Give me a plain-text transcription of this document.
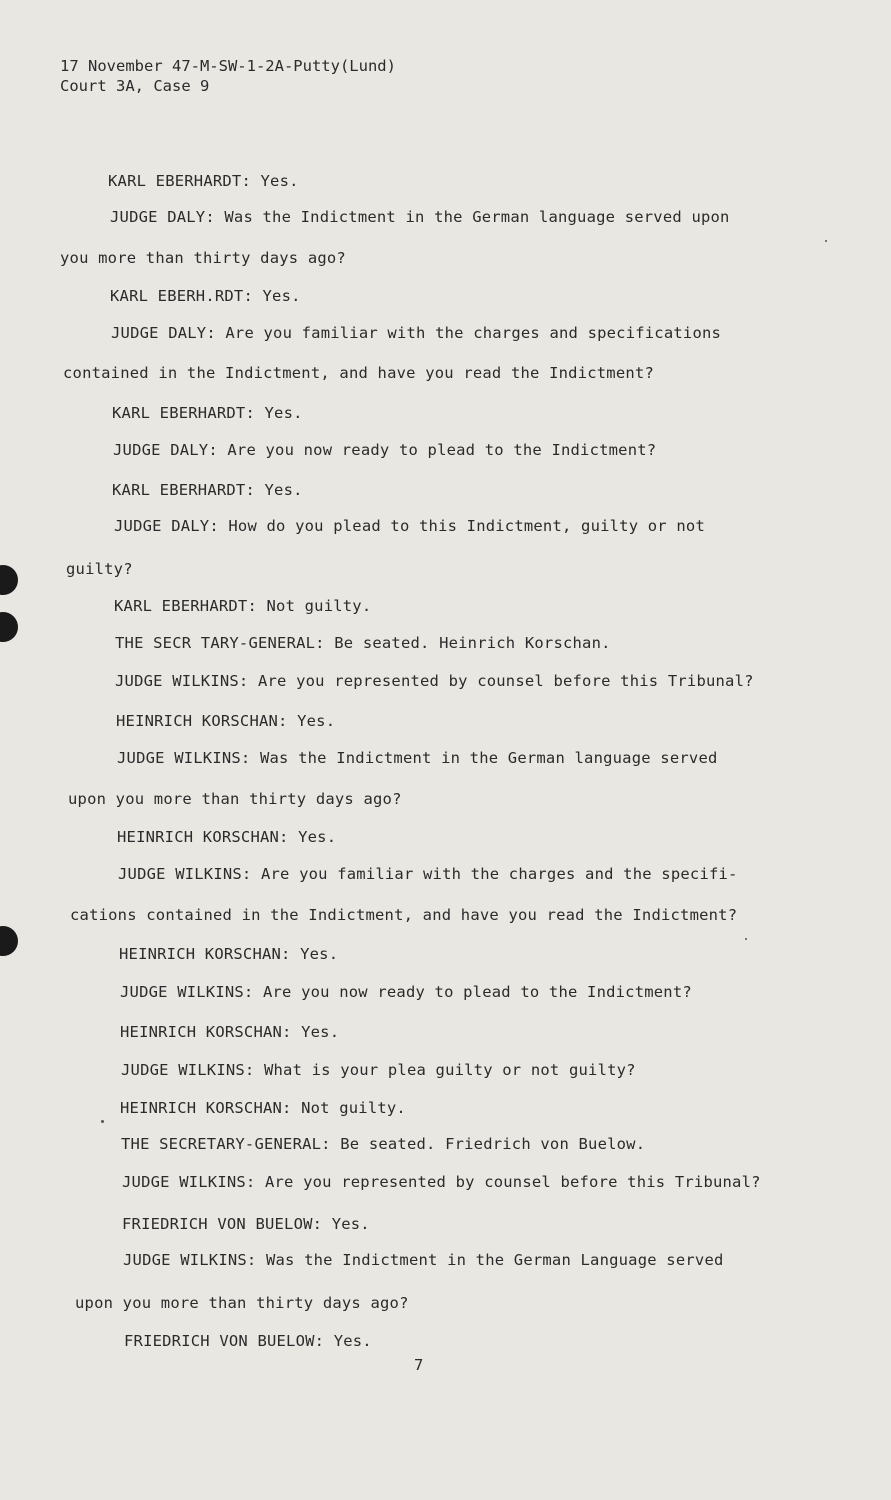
17 November 47-M-SW-1-2A-Putty(Lund)
Court 3A, Case 9
KARL EBERHARDT: Yes.
JUDGE DALY: Was the Indictment in the German language served upon
you more than thirty days ago?
KARL EBERH.RDT: Yes.
JUDGE DALY: Are you familiar with the charges and specifications
contained in the Indictment, and have you read the Indictment?
KARL EBERHARDT: Yes.
JUDGE DALY: Are you now ready to plead to the Indictment?
KARL EBERHARDT: Yes.
JUDGE DALY: How do you plead to this Indictment, guilty or not
guilty?
KARL EBERHARDT: Not guilty.
THE SECR TARY-GENERAL: Be seated. Heinrich Korschan.
JUDGE WILKINS: Are you represented by counsel before this Tribunal?
HEINRICH KORSCHAN: Yes.
JUDGE WILKINS: Was the Indictment in the German language served
upon you more than thirty days ago?
HEINRICH KORSCHAN: Yes.
JUDGE WILKINS: Are you familiar with the charges and the specifi-
cations contained in the Indictment, and have you read the Indictment?
HEINRICH KORSCHAN: Yes.
JUDGE WILKINS: Are you now ready to plead to the Indictment?
HEINRICH KORSCHAN: Yes.
JUDGE WILKINS: What is your plea guilty or not guilty?
HEINRICH KORSCHAN: Not guilty.
THE SECRETARY-GENERAL: Be seated. Friedrich von Buelow.
JUDGE WILKINS: Are you represented by counsel before this Tribunal?
FRIEDRICH VON BUELOW: Yes.
JUDGE WILKINS: Was the Indictment in the German Language served
upon you more than thirty days ago?
FRIEDRICH VON BUELOW: Yes.
7
